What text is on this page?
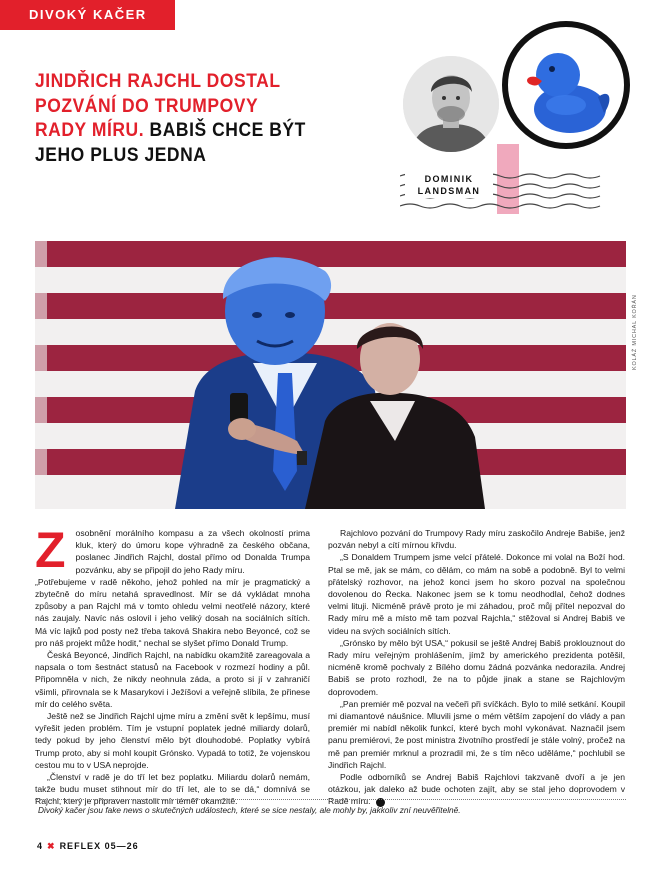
DIVOKÝ KAČER
JINDŘICH RAJCHL DOSTAL POZVÁNÍ DO TRUMPOVY RADY MÍRU. BABIŠ CHCE BÝT JEHO PLUS JEDNA
DOMINIK
LANDSMAN
KOLÁŽ MICHAL KOŘÁN

Z osobnění morálního kompasu a za všech okolností prima kluk, který do úmoru kope výhradně za českého občana, poslanec Jindřich Rajchl, dostal přímo od Donalda Trumpa pozvánku, aby se připojil do jeho Rady míru.

„Potřebujeme v radě někoho, jehož pohled na mír je pragmatický a zbytečně do míru netahá spravedlnost. Mír se dá vykládat mnoha způsoby a pan Rajchl má v tomto ohledu velmi neotřelé názory, které nás zaujaly. Navíc nás oslovil i jeho veliký dosah na sociálních sítích. Má víc lajků pod posty než třeba taková Shakira nebo Beyoncé, což se pro náš projekt může hodit,“ nechal se slyšet přímo Donald Trump.

Česká Beyoncé, Jindřich Rajchl, na nabídku okamžitě zareagovala a napsala o tom šestnáct statusů na Facebook v rozmezí hodiny a půl. Připomněla v nich, že nikdy neohnula záda, a proto si jí v zahraničí všimli, přirovnala se k Masarykovi i Ježíšovi a veřejně slíbila, že přinese mír do celého světa.

Ještě než se Jindřich Rajchl ujme míru a změní svět k lepšímu, musí vyřešit jeden problém. Tím je vstupní poplatek jedné miliardy dolarů, tedy pokud by jeho členství mělo být dlouhodobé. Poplatky vybírá Trump proto, aby si mohl koupit Grónsko. Vypadá to totiž, že vojenskou cestou mu to v USA neprojde.

„Členství v radě je do tří let bez poplatku. Miliardu dolarů nemám, takže budu muset stihnout mír do tří let, ale to se dá,“ domnívá se Rajchl, který je připraven nastolit mír téměř okamžitě.

Rajchlovo pozvání do Trumpovy Rady míru zaskočilo Andreje Babiše, jenž pozván nebyl a cítí mírnou křivdu.

„S Donaldem Trumpem jsme velcí přátelé. Dokonce mi volal na Boží hod. Ptal se mě, jak se mám, co dělám, co mám na sobě a podobně. Byl to velmi přátelský rozhovor, na jehož konci jsem ho skoro pozval na společnou dovolenou do Řecka. Nakonec jsem se k tomu neodhodlal, čehož dodnes velmi lituji. Nicméně právě proto je mi záhadou, proč můj přítel nepozval do Rady míru mě a místo mě tam pozval Rajchla,“ stěžoval si Andrej Babiš ve videu na svých sociálních sítích.

„Grónsko by mělo být USA,“ pokusil se ještě Andrej Babiš proklouznout do Rady míru veřejným prohlášením, jímž by amerického prezidenta potěšil, nicméně kromě pochvaly z Bílého domu žádná pozvánka nedorazila. Andrej Babiš se proto rozhodl, že na to půjde jinak a stane se Rajchlovým doprovodem.

„Pan premiér mě pozval na večeři při svíčkách. Bylo to milé setkání. Koupil mi diamantové náušnice. Mluvili jsme o mém větším zapojení do vlády a pan premiér mi nabídl několik funkcí, které bych mohl vykonávat. Naznačil jsem panu premiérovi, že post ministra životního prostředí je stále volný, pročež na mě pan premiér mrknul a prozradil mi, že s tím něco uděláme,“ pochlubil se Jindřich Rajchl.

Podle odborníků se Andrej Babiš Rajchlovi takzvaně dvoří a je jen otázkou, jak daleko až bude ochoten zajít, aby se stal jeho doprovodem v Radě míru. ✖

Divoký kačer jsou fake news o skutečných událostech, které se sice nestaly, ale mohly by, jakkoliv zní neuvěřitelně.
4 ✖ REFLEX 05—26
